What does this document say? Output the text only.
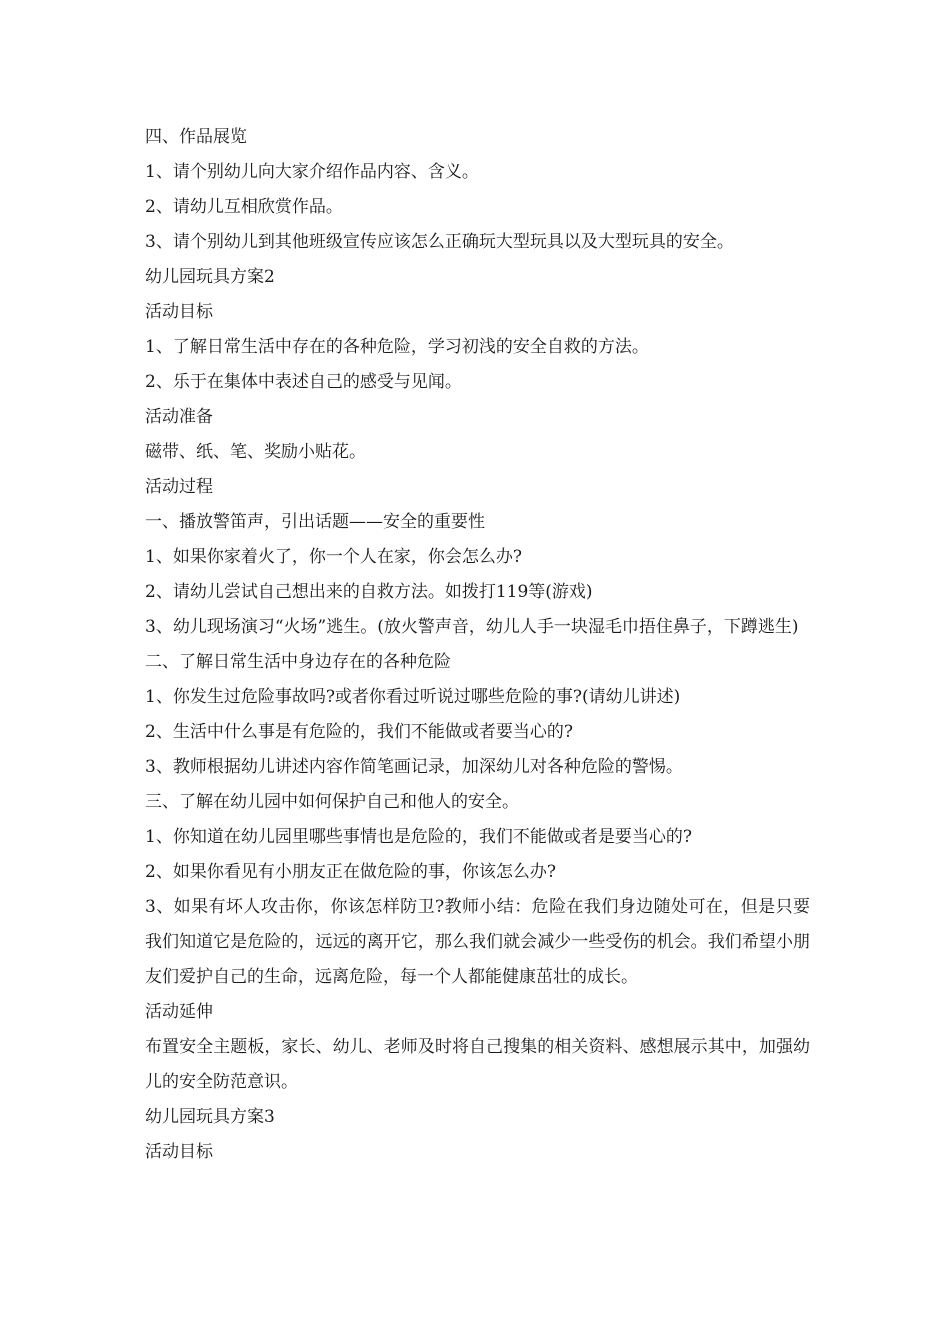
四、作品展览
1、请个别幼儿向大家介绍作品内容、含义。
2、请幼儿互相欣赏作品。
3、请个别幼儿到其他班级宣传应该怎么正确玩大型玩具以及大型玩具的安全。
幼儿园玩具方案2
活动目标
1、了解日常生活中存在的各种危险，学习初浅的安全自救的方法。
2、乐于在集体中表述自己的感受与见闻。
活动准备
磁带、纸、笔、奖励小贴花。
活动过程
一、播放警笛声，引出话题——安全的重要性
1、如果你家着火了，你一个人在家，你会怎么办?
2、请幼儿尝试自己想出来的自救方法。如拨打119等(游戏)
3、幼儿现场演习“火场”逃生。(放火警声音，幼儿人手一块湿毛巾捂住鼻子，下蹲逃生)
二、了解日常生活中身边存在的各种危险
1、你发生过危险事故吗?或者你看过听说过哪些危险的事?(请幼儿讲述)
2、生活中什么事是有危险的，我们不能做或者要当心的?
3、教师根据幼儿讲述内容作简笔画记录，加深幼儿对各种危险的警惕。
三、了解在幼儿园中如何保护自己和他人的安全。
1、你知道在幼儿园里哪些事情也是危险的，我们不能做或者是要当心的?
2、如果你看见有小朋友正在做危险的事，你该怎么办?
3、如果有坏人攻击你，你该怎样防卫?教师小结：危险在我们身边随处可在，但是只要我们知道它是危险的，远远的离开它，那么我们就会减少一些受伤的机会。我们希望小朋友们爱护自己的生命，远离危险，每一个人都能健康茁壮的成长。
活动延伸
布置安全主题板，家长、幼儿、老师及时将自己搜集的相关资料、感想展示其中，加强幼儿的安全防范意识。
幼儿园玩具方案3
活动目标
